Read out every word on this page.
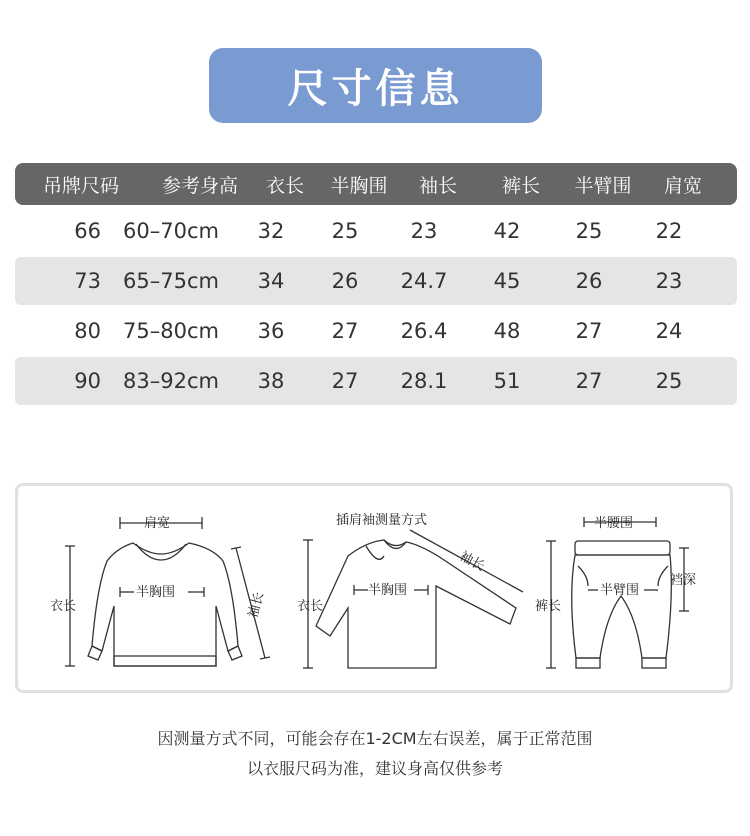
尺寸信息
吊牌尺码	参考身高	衣长	半胸围	袖长	裤长	半臂围	肩宽
66	60–70cm	32	25	23	42	25	22
73	65–75cm	34	26	24.7	45	26	23
80	75–80cm	36	27	26.4	48	27	24
90	83–92cm	38	27	28.1	51	27	25
肩宽
衣长
半胸围	袖长
插肩袖测量方式
衣长
半胸围
袖长
半腰围
裤长
半臂围
裆深
因测量方式不同，可能会存在1-2CM左右误差，属于正常范围
以衣服尺码为准，建议身高仅供参考
